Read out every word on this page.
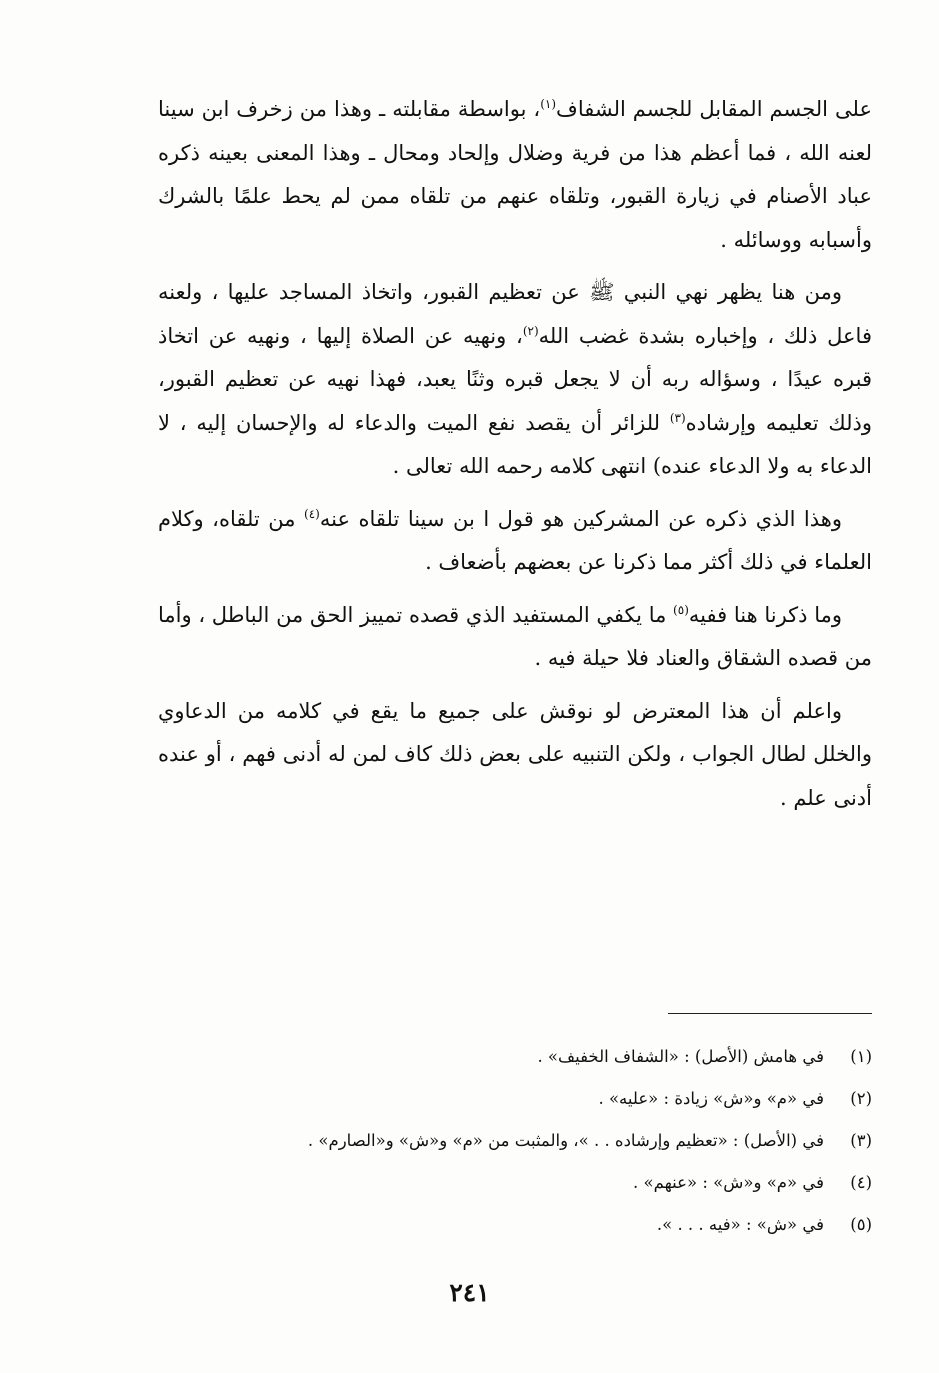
على الجسم المقابل للجسم الشفاف$^{(١)}$، بواسطة مقابلته ـ وهذا من زخرف ابن سينا لعنه الله ، فما أعظم هذا من فرية وضلال وإلحاد ومحال ـ وهذا المعنى بعينه ذكره عباد الأصنام في زيارة القبور، وتلقاه عنهم من تلقاه ممن لم يحط علمًا بالشرك وأسبابه ووسائله .

ومن هنا يظهر نهي النبي ﷺ عن تعظيم القبور، واتخاذ المساجد عليها ، ولعنه فاعل ذلك ، وإخباره بشدة غضب الله$^{(٢)}$، ونهيه عن الصلاة إليها ، ونهيه عن اتخاذ قبره عيدًا ، وسؤاله ربه أن لا يجعل قبره وثنًا يعبد، فهذا نهيه عن تعظيم القبور، وذلك تعليمه وإرشاده$^{(٣)}$ للزائر أن يقصد نفع الميت والدعاء له والإحسان إليه ، لا الدعاء به ولا الدعاء عنده) انتهى كلامه رحمه الله تعالى .

وهذا الذي ذكره عن المشركين هو قول ا بن سينا تلقاه عنه$^{(٤)}$ من تلقاه، وكلام العلماء في ذلك أكثر مما ذكرنا عن بعضهم بأضعاف .

وما ذكرنا هنا ففيه$^{(٥)}$ ما يكفي المستفيد الذي قصده تمييز الحق من الباطل ، وأما من قصده الشقاق والعناد فلا حيلة فيه .

واعلم أن هذا المعترض لو نوقش على جميع ما يقع في كلامه من الدعاوي والخلل لطال الجواب ، ولكن التنبيه على بعض ذلك كاف لمن له أدنى فهم ، أو عنده أدنى علم .

(١)
في هامش (الأصل) : «الشفاف الخفيف» .
(٢)
في «م» و«ش» زيادة : «عليه» .
(٣)
في (الأصل) : «تعظيم وإرشاده . . »، والمثبت من «م» و«ش» و«الصارم» .
(٤)
في «م» و«ش» : «عنهم» .
(٥)
في «ش» : «فيه . . . ».
٢٤١
